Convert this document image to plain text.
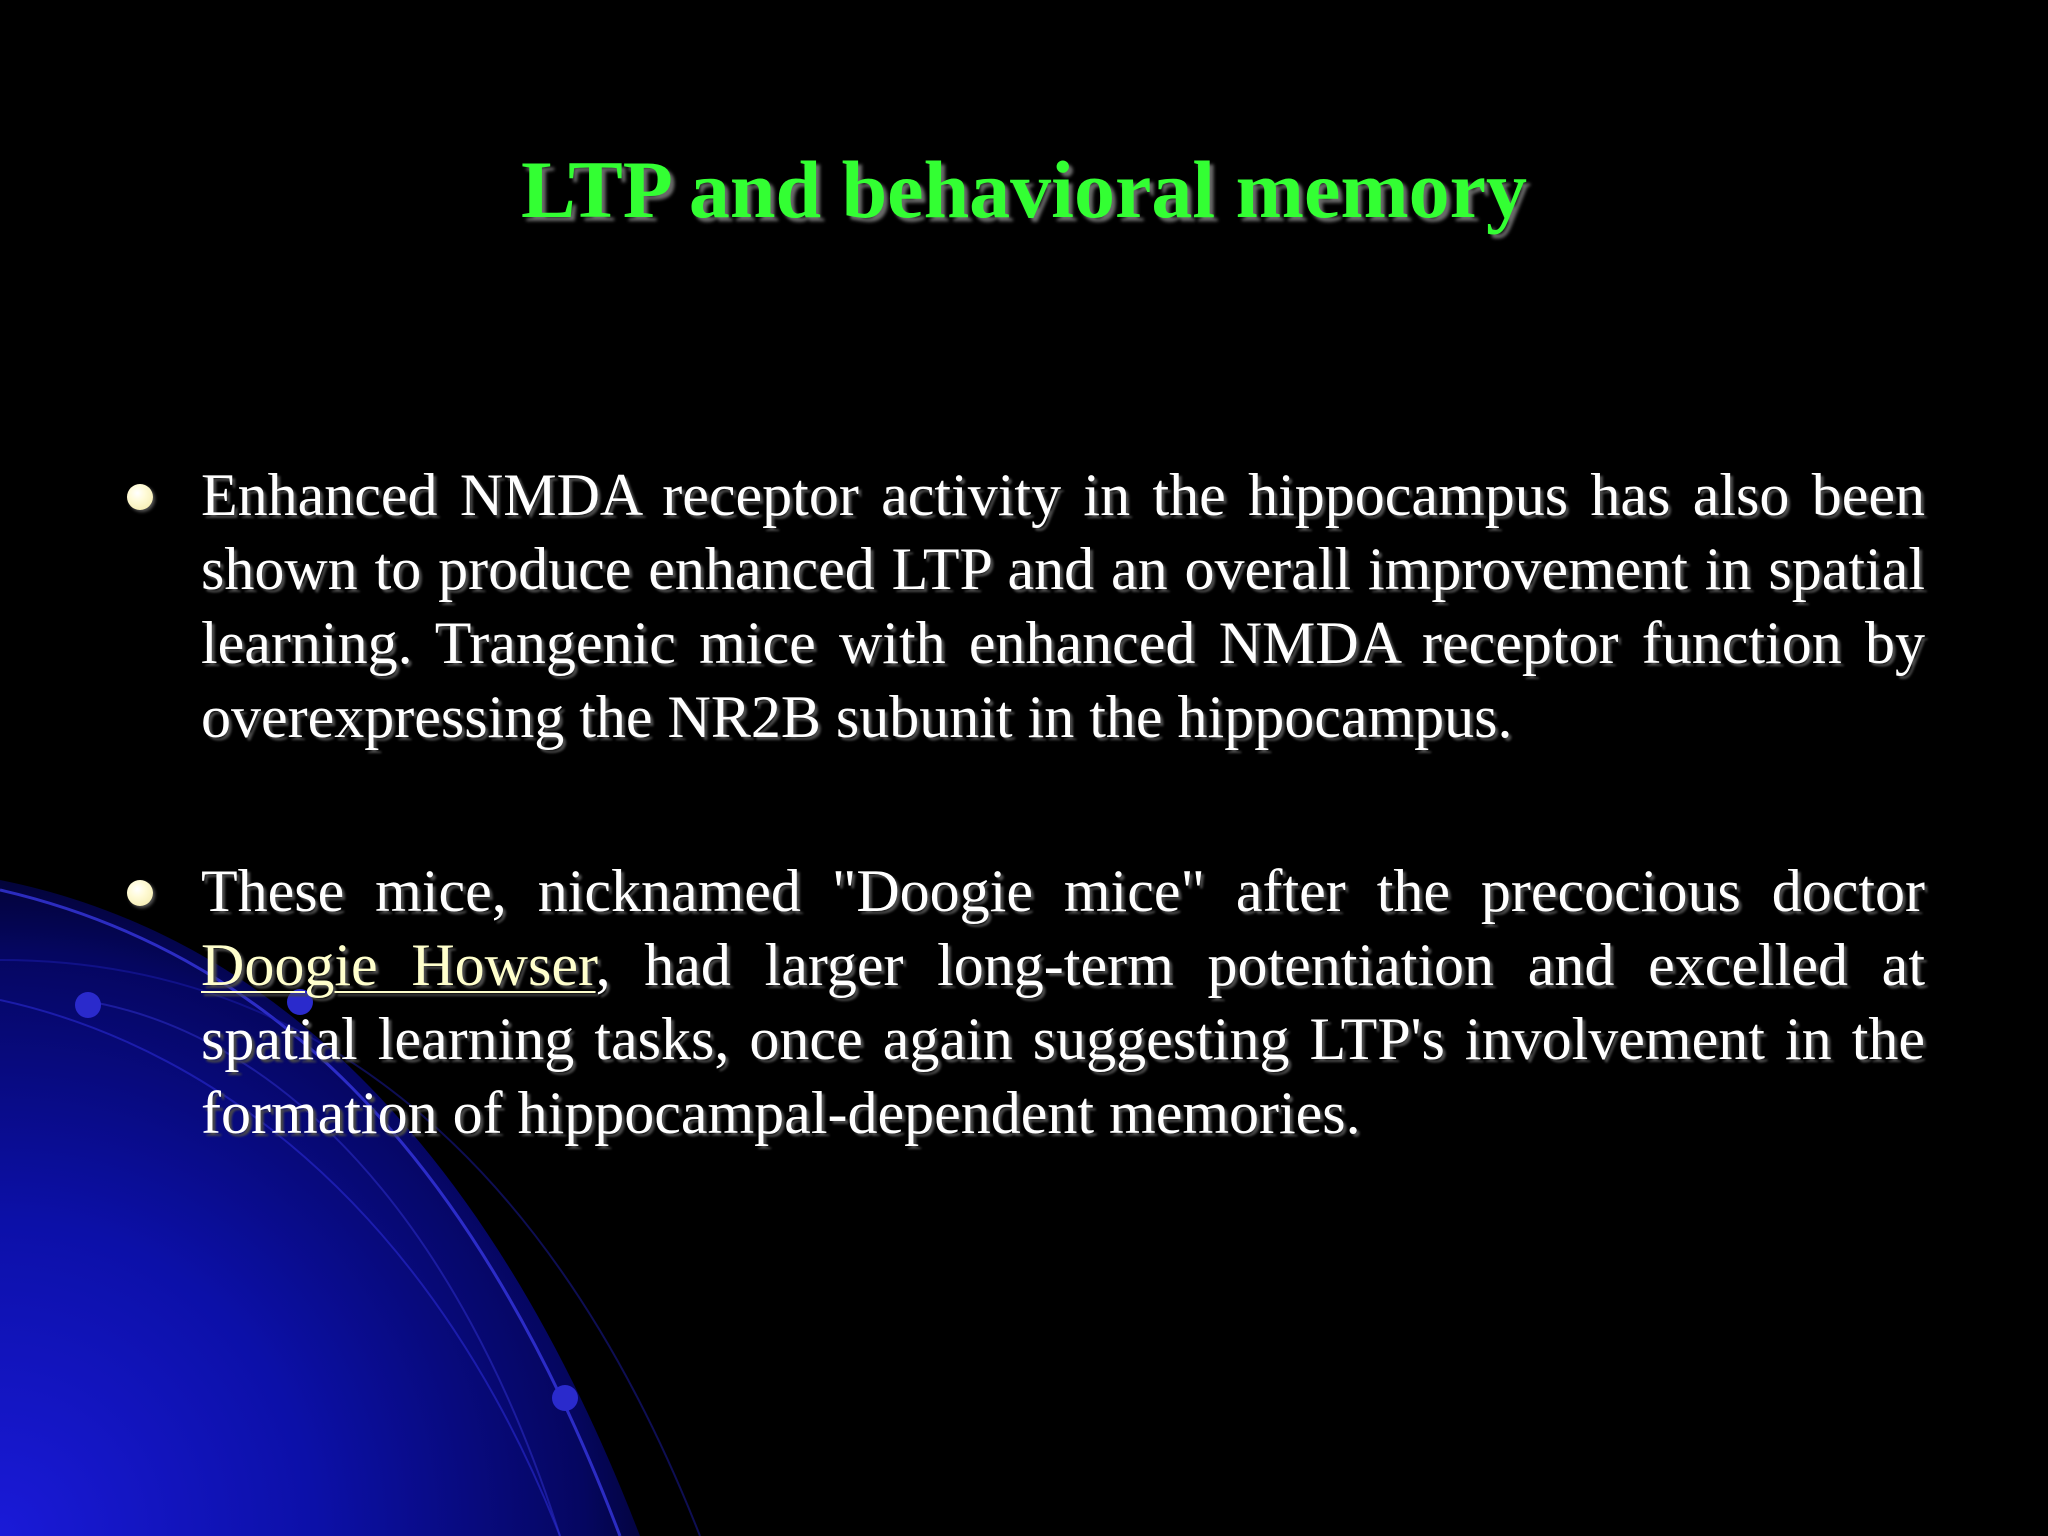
LTP and behavioral memory
Enhanced NMDA receptor activity in the hippocampus has also been shown to produce enhanced LTP and an overall improvement in spatial learning. Trangenic mice with enhanced NMDA receptor function by overexpressing the NR2B subunit in the hippocampus.
These mice, nicknamed "Doogie mice" after the precocious doctor Doogie Howser, had larger long-term potentiation and excelled at spatial learning tasks, once again suggesting LTP's involvement in the formation of hippocampal-dependent memories.
